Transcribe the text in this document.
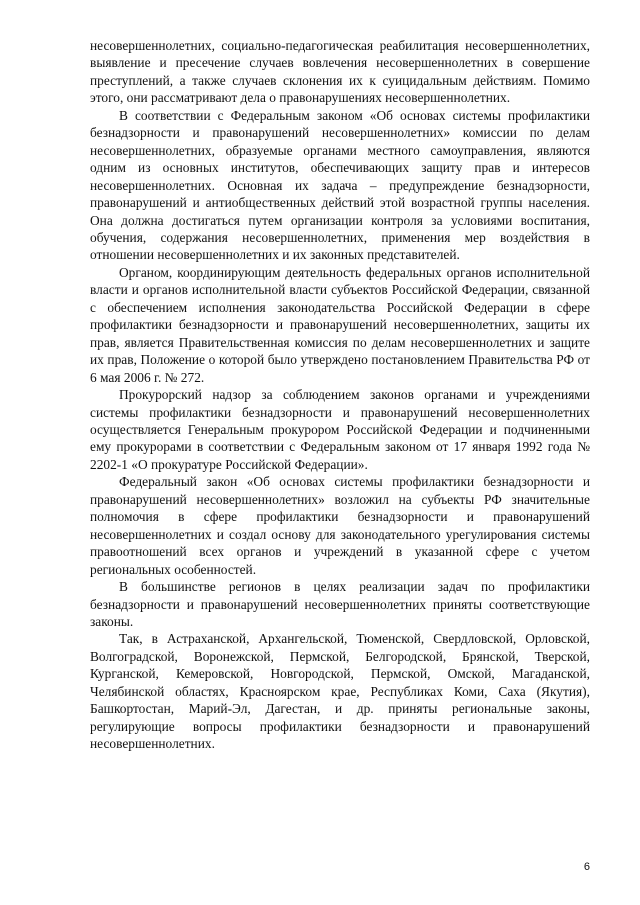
несовершеннолетних, социально-педагогическая реабилитация несовершеннолетних, выявление и пресечение случаев вовлечения несовершеннолетних в совершение преступлений, а также случаев склонения их к суицидальным действиям. Помимо этого, они рассматривают дела о правонарушениях несовершеннолетних.

В соответствии с Федеральным законом «Об основах системы профилактики безнадзорности и правонарушений несовершеннолетних» комиссии по делам несовершеннолетних, образуемые органами местного самоуправления, являются одним из основных институтов, обеспечивающих защиту прав и интересов несовершеннолетних. Основная их задача – предупреждение безнадзорности, правонарушений и антиобщественных действий этой возрастной группы населения. Она должна достигаться путем организации контроля за условиями воспитания, обучения, содержания несовершеннолетних, применения мер воздействия в отношении несовершеннолетних и их законных представителей.

Органом, координирующим деятельность федеральных органов исполнительной власти и органов исполнительной власти субъектов Российской Федерации, связанной с обеспечением исполнения законодательства Российской Федерации в сфере профилактики безнадзорности и правонарушений несовершеннолетних, защиты их прав, является Правительственная комиссия по делам несовершеннолетних и защите их прав, Положение о которой было утверждено постановлением Правительства РФ от 6 мая 2006 г. № 272.

Прокурорский надзор за соблюдением законов органами и учреждениями системы профилактики безнадзорности и правонарушений несовершеннолетних осуществляется Генеральным прокурором Российской Федерации и подчиненными ему прокурорами в соответствии с Федеральным законом от 17 января 1992 года № 2202-1 «О прокуратуре Российской Федерации».

Федеральный закон «Об основах системы профилактики безнадзорности и правонарушений несовершеннолетних» возложил на субъекты РФ значительные полномочия в сфере профилактики безнадзорности и правонарушений несовершеннолетних и создал основу для законодательного урегулирования системы правоотношений всех органов и учреждений в указанной сфере с учетом региональных особенностей.

В большинстве регионов в целях реализации задач по профилактики безнадзорности и правонарушений несовершеннолетних приняты соответствующие законы.

Так, в Астраханской, Архангельской, Тюменской, Свердловской, Орловской, Волгоградской, Воронежской, Пермской, Белгородской, Брянской, Тверской, Курганской, Кемеровской, Новгородской, Пермской, Омской, Магаданской, Челябинской областях, Красноярском крае, Республиках Коми, Саха (Якутия), Башкортостан, Марий-Эл, Дагестан, и др. приняты региональные законы, регулирующие вопросы профилактики безнадзорности и правонарушений несовершеннолетних.

6
